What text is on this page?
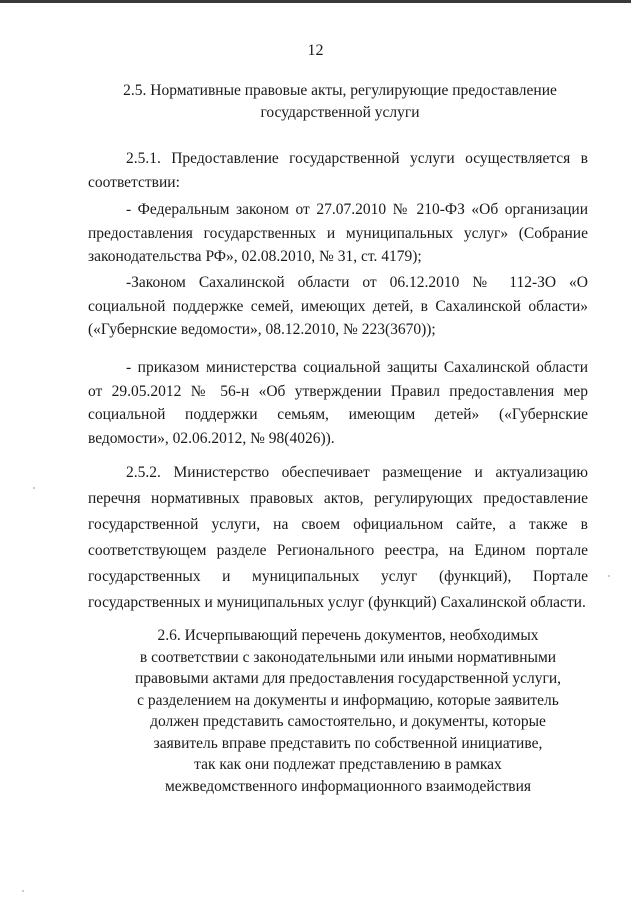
12
2.5. Нормативные правовые акты, регулирующие предоставление
государственной услуги
2.5.1. Предоставление государственной услуги осуществляется в соответствии:
- Федеральным законом от 27.07.2010 № 210-ФЗ «Об организации предоставления государственных и муниципальных услуг» (Собрание законодательства РФ», 02.08.2010, № 31, ст. 4179);
-Законом Сахалинской области от 06.12.2010 № 112-ЗО «О социальной поддержке семей, имеющих детей, в Сахалинской области» («Губернские ведомости», 08.12.2010, № 223(3670));
- приказом министерства социальной защиты Сахалинской области от 29.05.2012 № 56-н «Об утверждении Правил предоставления мер социальной поддержки семьям, имеющим детей» («Губернские ведомости», 02.06.2012, № 98(4026)).
2.5.2. Министерство обеспечивает размещение и актуализацию перечня нормативных правовых актов, регулирующих предоставление государственной услуги, на своем официальном сайте, а также в соответствующем разделе Регионального реестра, на Едином портале государственных и муниципальных услуг (функций), Портале государственных и муниципальных услуг (функций) Сахалинской области.
2.6. Исчерпывающий перечень документов, необходимых
в соответствии с законодательными или иными нормативными
правовыми актами для предоставления государственной услуги,
с разделением на документы и информацию, которые заявитель
должен представить самостоятельно, и документы, которые
заявитель вправе представить по собственной инициативе,
так как они подлежат представлению в рамках
межведомственного информационного взаимодействия
